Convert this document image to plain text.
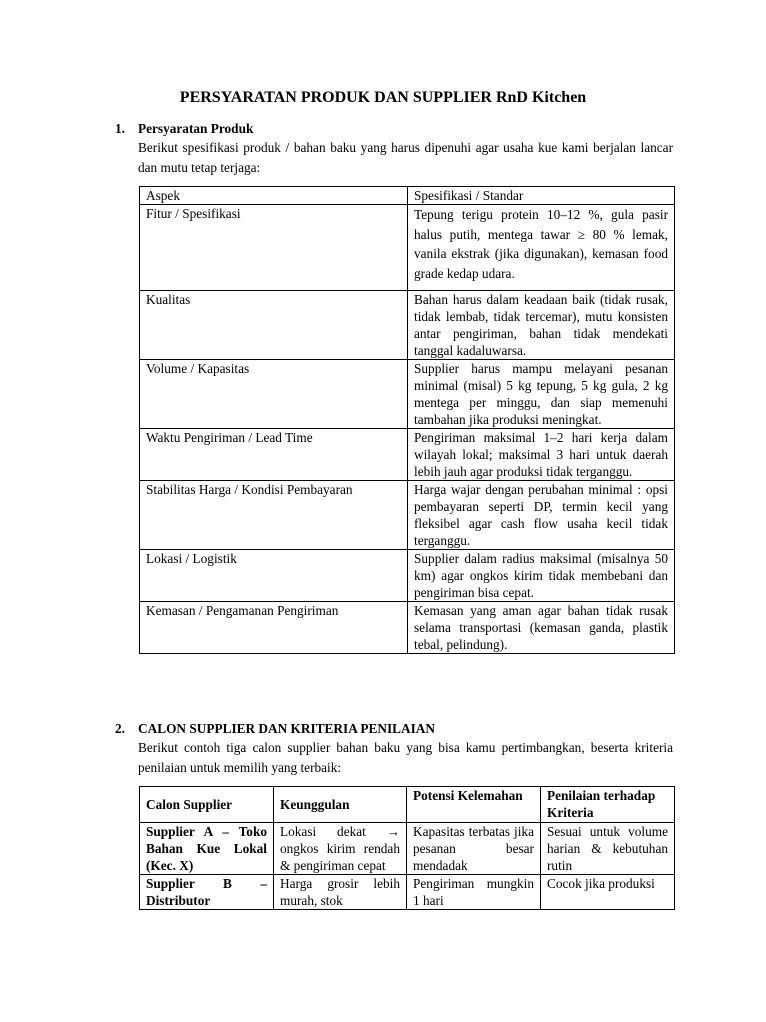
PERSYARATAN PRODUK DAN SUPPLIER RnD Kitchen
1. Persyaratan Produk
Berikut spesifikasi produk / bahan baku yang harus dipenuhi agar usaha kue kami berjalan lancar dan mutu tetap terjaga:
Aspek	Spesifikasi / Standar
Fitur / Spesifikasi	Tepung terigu protein 10–12 %, gula pasir halus putih, mentega tawar ≥ 80 % lemak, vanila ekstrak (jika digunakan), kemasan food grade kedap udara.
Kualitas	Bahan harus dalam keadaan baik (tidak rusak, tidak lembab, tidak tercemar), mutu konsisten antar pengiriman, bahan tidak mendekati tanggal kadaluwarsa.
Volume / Kapasitas	Supplier harus mampu melayani pesanan minimal (misal) 5 kg tepung, 5 kg gula, 2 kg mentega per minggu, dan siap memenuhi tambahan jika produksi meningkat.
Waktu Pengiriman / Lead Time	Pengiriman maksimal 1–2 hari kerja dalam wilayah lokal; maksimal 3 hari untuk daerah lebih jauh agar produksi tidak terganggu.
Stabilitas Harga / Kondisi Pembayaran	Harga wajar dengan perubahan minimal : opsi pembayaran seperti DP, termin kecil yang fleksibel agar cash flow usaha kecil tidak terganggu.
Lokasi / Logistik	Supplier dalam radius maksimal (misalnya 50 km) agar ongkos kirim tidak membebani dan pengiriman bisa cepat.
Kemasan / Pengamanan Pengiriman	Kemasan yang aman agar bahan tidak rusak selama transportasi (kemasan ganda, plastik tebal, pelindung).
2. CALON SUPPLIER DAN KRITERIA PENILAIAN
Berikut contoh tiga calon supplier bahan baku yang bisa kamu pertimbangkan, beserta kriteria penilaian untuk memilih yang terbaik:
Calon Supplier	Keunggulan	Potensi Kelemahan	Penilaian terhadap Kriteria
Supplier A – Toko Bahan Kue Lokal (Kec. X)	Lokasi dekat → ongkos kirim rendah & pengiriman cepat	Kapasitas terbatas jika pesanan besar mendadak	Sesuai untuk volume harian & kebutuhan rutin
Supplier B – Distributor	Harga grosir lebih murah, stok	Pengiriman mungkin 1 hari	Cocok jika produksi
